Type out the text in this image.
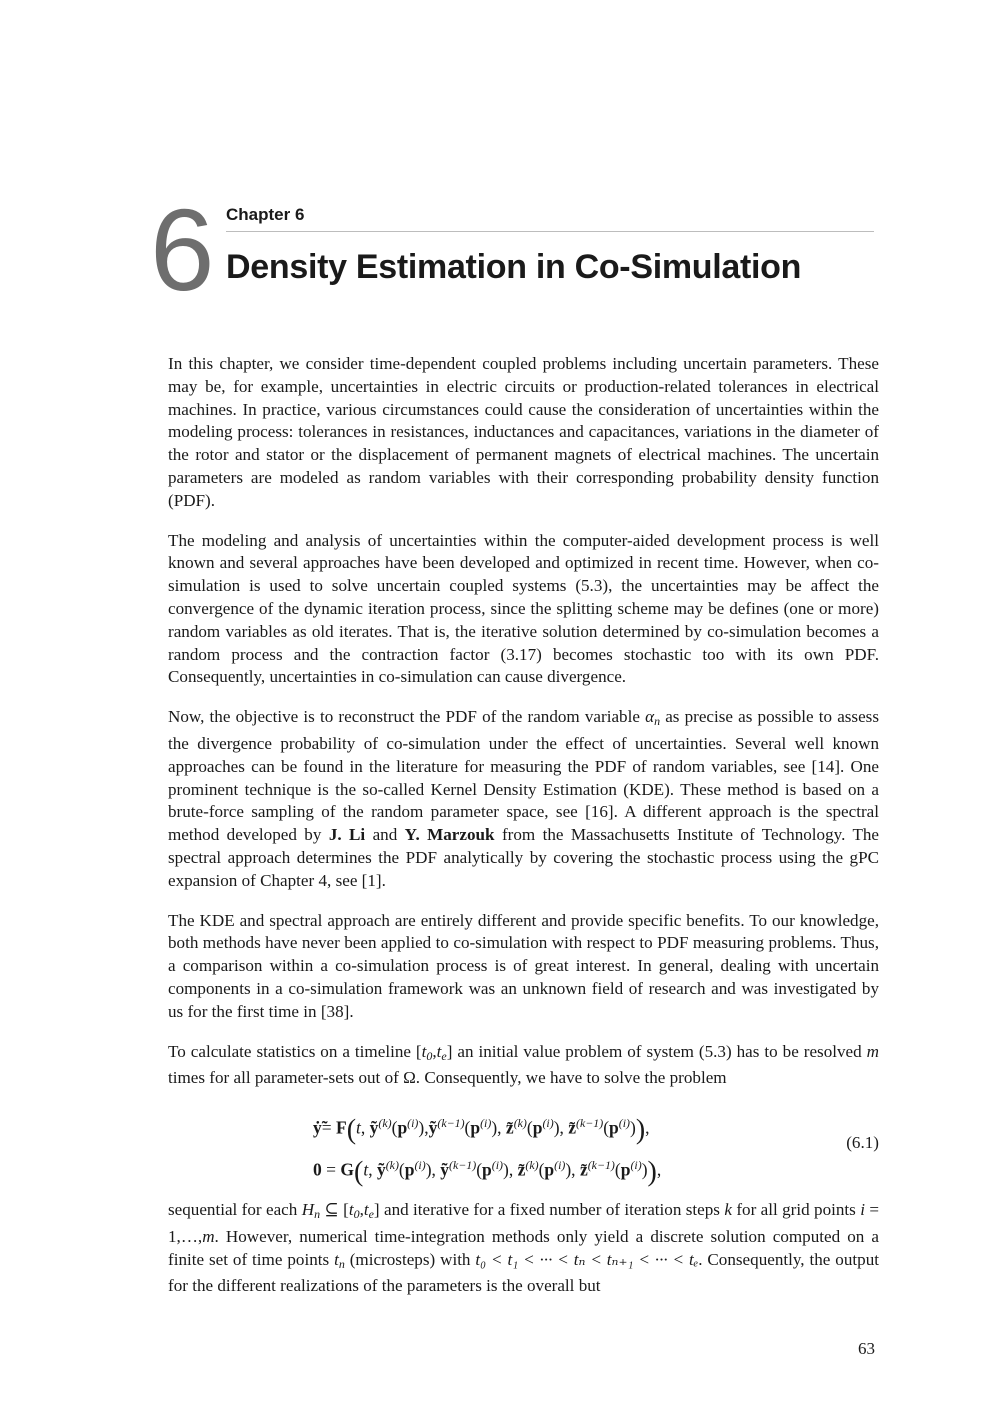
6 Chapter 6
Density Estimation in Co-Simulation

In this chapter, we consider time-dependent coupled problems including uncertain parameters. These may be, for example, uncertainties in electric circuits or production-related tolerances in electrical machines. In practice, various circumstances could cause the consideration of uncertainties within the modeling process: tolerances in resistances, inductances and capacitances, variations in the diameter of the rotor and stator or the displacement of permanent magnets of electrical machines. The uncertain parameters are modeled as random variables with their corresponding probability density function (PDF).

The modeling and analysis of uncertainties within the computer-aided development process is well known and several approaches have been developed and optimized in recent time. However, when co-simulation is used to solve uncertain coupled systems (5.3), the uncertainties may be affect the convergence of the dynamic iteration process, since the splitting scheme may be defines (one or more) random variables as old iterates. That is, the iterative solution determined by co-simulation becomes a random process and the contraction factor (3.17) becomes stochastic too with its own PDF. Consequently, uncertainties in co-simulation can cause divergence.

Now, the objective is to reconstruct the PDF of the random variable $\alpha_n$ as precise as possible to assess the divergence probability of co-simulation under the effect of uncertainties. Several well known approaches can be found in the literature for measuring the PDF of random variables, see [14]. One prominent technique is the so-called Kernel Density Estimation (KDE). These method is based on a brute-force sampling of the random parameter space, see [16]. A different approach is the spectral method developed by J. Li and Y. Marzouk from the Massachusetts Institute of Technology. The spectral approach determines the PDF analytically by covering the stochastic process using the gPC expansion of Chapter 4, see [1].

The KDE and spectral approach are entirely different and provide specific benefits. To our knowledge, both methods have never been applied to co-simulation with respect to PDF measuring problems. Thus, a comparison within a co-simulation process is of great interest. In general, dealing with uncertain components in a co-simulation framework was an unknown field of research and was investigated by us for the first time in [38].

To calculate statistics on a timeline $[t_0,t_e]$ an initial value problem of system (5.3) has to be resolved m times for all parameter-sets out of Ω. Consequently, we have to solve the problem

ẏ̃= F(t, $ỹ^{(k)}(p^{(i)}),ỹ^{(k-1)}(p^{(i)})$, $z̃^{(k)}(p^{(i)})$, $z̃^{(k-1)}(p^{(i)})$),
0 = G(t, $ỹ^{(k)}(p^{(i)})$, $ỹ^{(k-1)}(p^{(i)})$, $z̃^{(k)}(p^{(i)})$, $z̃^{(k-1)}(p^{(i)})$),
(6.1)

sequential for each $H_n$ ⊆ $[t_0,t_e]$ and iterative for a fixed number of iteration steps k for all grid points i = 1,…,m. However, numerical time-integration methods only yield a discrete solution computed on a finite set of time points $t_n$ (microsteps) with t₀ < t₁ < ··· < tₙ < tₙ₊₁ < ··· < tₑ. Consequently, the output for the different realizations of the parameters is the overall but

63
